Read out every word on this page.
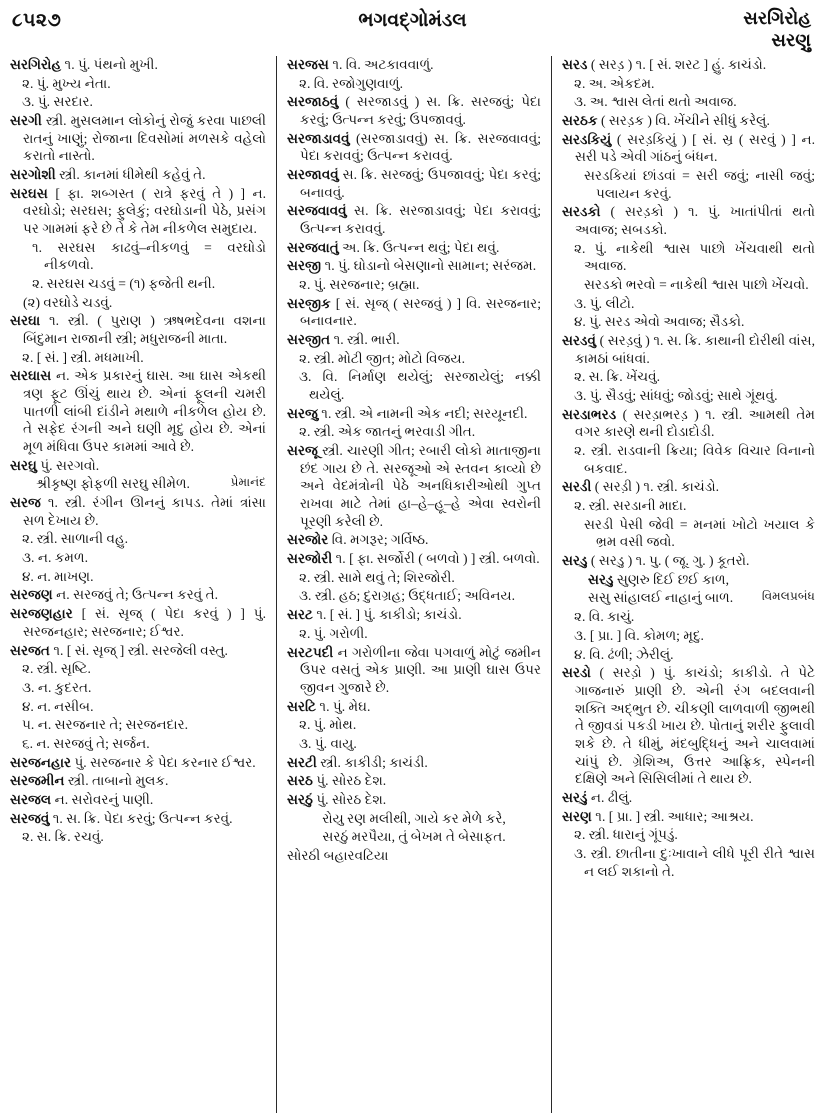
૮૫૨૭	ભગવદ્ગોમંડલ	સરગિરોહ
સરણુ

સરગિરોહ ૧. પું. પંથનો મુખી.

૨. પું. મુખ્ય નેતા.

૩. પું. સરદાર.

સરગી સ્ત્રી. મુસલમાન લોકોનું રોજું કરવા પાછલી રાતનું ખાણું; રોજાના દિવસોમાં મળસકે વહેલો કરાતો નાસ્તો.

સરગોશી સ્ત્રી. કાનમાં ધીમેથી કહેવું તે.

સરઘસ [ ફા. શબ્ગસ્ત ( રાત્રે ફરવું તે ) ] ન. વરઘોડો; સરઘસ; ફુલેકું; વરઘોડાની પેઠે, પ્રસંગ પર ગામમાં ફરે છે તે કે તેમ નીકળેલ સમુદાય.

૧. સરઘસ કાઢવું–નીકળવું = વરઘોડો નીકળવો.

૨. સરઘસ ચડવું = (૧) ફજેતી થની.

(૨) વરઘોડે ચડવું.

સરઘા ૧. સ્ત્રી. ( પુરાણ ) ઋષભદેવના વશના બિંદુમાન રાજાની સ્ત્રી; મધુરાજની માતા.

૨. [ સં. ] સ્ત્રી. મધમાખી.

સરઘાસ ન. એક પ્રકારનું ઘાસ. આ ઘાસ એકથી ત્રણ ફૂટ ઊંચું થાય છે. એનાં ફૂલની ચમરી પાતળી લાંબી દાંડીને મથાળે નીકળેલ હોય છે. તે સફેદ રંગની અને ઘણી મૃદુ હોય છે. એનાં મૂળ મંધિવા ઉપર કામમાં આવે છે.

સરઘુ પું. સરગવો.

શ્રીકૃષ્ણ ફોફળી સરઘુ સીમેળ.	પ્રેમાનંદ

સરજ ૧. સ્ત્રી. રંગીન ઊનનું કાપડ. તેમાં ત્રાંસા સળ દેખાય છે.

૨. સ્ત્રી. સાળાની વહુ.

૩. ન. કમળ.

૪. ન. માખણ.

સરજણ ન. સરજવું તે; ઉત્પન્ન કરવું તે.

સરજણહાર [ સં. સૃજ્ ( પેદા કરવું ) ] પું. સરજનહાર; સરજનાર; ઈશ્વર.

સરજત ૧. [ સં. સૃજ્ ] સ્ત્રી. સરજેલી વસ્તુ.

૨. સ્ત્રી. સૃષ્ટિ.

૩. ન. કુદરત.

૪. ન. નસીબ.

૫. ન. સરજનાર તે; સરજનદાર.

૬. ન. સરજવું તે; સર્જન.

સરજનહાર પું. સરજનાર કે પેદા કરનાર ઈશ્વર.

સરજમીન સ્ત્રી. તાબાનો મુલક.

સરજલ ન. સરોવરનું પાણી.

સરજવું ૧. સ. ક્રિ. પેદા કરવું; ઉત્પન્ન કરવું.

૨. સ. ક્રિ. રચવું.

સરજસ ૧. વિ. અટકાવવાળું.

૨. વિ. રજોગુણવાળું.

સરજાઠવું ( સરજાડવું ) સ. ક્રિ. સરજવું; પેદા કરવું; ઉત્પન્ન કરવું; ઉપજાવવું.

સરજાડાવવું (સરજાડાવવું) સ. ક્રિ. સરજવાવવું; પેદા કરાવવું; ઉત્પન્ન કરાવવું.

સરજાવવું સ. ક્રિ. સરજવું; ઉપજાવવું; પેદા કરવું; બનાવવું.

સરજવાવવું સ. ક્રિ. સરજાડાવવું; પેદા કરાવવું; ઉત્પન્ન કરાવવું.

સરજવાતું અ. ક્રિ. ઉત્પન્ન થવું; પેદા થવું.

સરજી ૧. પું. ઘોડાનો બેસણાનો સામાન; સરંજમ.

૨. પું. સરજનાર; બ્રહ્મા.

સરજીક [ સં. સૃજ્ ( સરજવું ) ] વિ. સરજનાર; બનાવનાર.

સરજીત ૧. સ્ત્રી. ભારી.

૨. સ્ત્રી. મોટી જીત; મોટો વિજય.

૩. વિ. નિર્માણ થયેલું; સરજાયેલું; નક્કી થયેલું.

સરજુ ૧. સ્ત્રી. એ નામની એક નદી; સરયૂનદી.

૨. સ્ત્રી. એક જાતનું ભરવાડી ગીત.

સરજૂ સ્ત્રી. ચારણી ગીત; રબારી લોકો માતાજીના છંદ ગાય છે તે. સરજૂઓ એ સ્તવન કાવ્યો છે અને વેદમંત્રોની પેઠે અનધિકારીઓથી ગુપ્ત રાખવા માટે તેમાં હા–હે–હૂ–હે એવા સ્વરોની પૂરણી કરેલી છે.

સરજોર વિ. મગરૂર; ગર્વિષ્ઠ.

સરજોરી ૧. [ ફા. સર્જોરી ( બળવો ) ] સ્ત્રી. બળવો.

૨. સ્ત્રી. સામે થવું તે; શિરજોરી.

૩. સ્ત્રી. હઠ; દુરાગ્રહ; ઉદ્ધતાઈ; અવિનય.

સરટ ૧. [ સં. ] પું. કાકીડો; કાચંડો.

૨. પું. ગરોળી.

સરટપદી ન ગરોળીના જેવા પગવાળું મોટું જમીન ઉપર વસતું એક પ્રાણી. આ પ્રાણી ઘાસ ઉપર જીવન ગુજારે છે.

સરટિ ૧. પું. મેઘ.

૨. પું. મોથ.

૩. પું. વાયુ.

સરટી સ્ત્રી. કાકીડી; કાચંડી.

સરઠ પું. સોરઠ દેશ.

સરઠું પું. સોરઠ દેશ.

રોયુ રણ મલીથી, ગાયે કર મેળે કરે,

સરઠું મરપૈયા, તું બેખમ તે બેસાફત.

સોરઠી બહારવટિયા

સરડ ( સરડ઼ ) ૧. [ સં. શરટ ] હું. કાચંડો.

૨. અ. એકદમ.

૩. અ. શ્વાસ લેતાં થતો અવાજ.

સરઠક ( સરડ઼ક ) વિ. ખેંચીને સીધું કરેલું.

સરડકિયું ( સરડ઼કિયું ) [ સં. સ્ર ( સરવું ) ] ન. સરી પડે એવી ગાંઠનું બંધન.

સરડકિયાં છાંડવાં = સરી જવું; નાસી જવું; પલાયન કરવું.

સરડકો ( સરડ઼કો ) ૧. પું. ખાતાંપીતાં થતો અવાજ; સબડકો.

૨. પું. નાકેથી શ્વાસ પાછો ખેંચવાથી થતો અવાજ.

સરડકો ભરવો = નાકેથી શ્વાસ પાછો ખેંચવો.

૩. પું. લીટો.

૪. પું. સરડ એવો અવાજ; સૈડકો.

સરડવું ( સરડ઼વું ) ૧. સ. ક્રિ. કાથાની દોરીથી વાંસ, કામઠાં બાંધવાં.

૨. સ. ક્રિ. ખેંચવું.

૩. પું. સૈડવું; સાંધવું; જોડવું; સાથે ગૂંથવું.

સરડાભરડ ( સરડ઼ાભરડ઼ ) ૧. સ્ત્રી. આમથી તેમ વગર કારણે થની દોડાદોડી.

૨. સ્ત્રી. રાડવાની ક્રિયા; વિવેક વિચાર વિનાનો બકવાદ.

સરડી ( સરડ઼ી ) ૧. સ્ત્રી. કાચંડો.

૨. સ્ત્રી. સરડાની માદા.

સરડી પેસી જેવી = મનમાં ખોટો ખયાલ કે ભ્રમ વસી જવો.

સરડુ ( સરડ઼ુ ) ૧. પુ. ( જૂ. ગુ. ) કૂતરો.

સરડુ સુણરુ દિઈ છઈ કાળ,

સસુ સાંહાલઈ નાહાનું બાળ. વિમલપ્રબંધ

૨. વિ. કાચું.

૩. [ પ્રા. ] વિ. કોમળ; મૃદુ.

૪. વિ. ઢંળી; ઝેરીલું.

સરડો ( સરડ઼ો ) પું. કાચંડો; કાકીડો. તે પેટે ગાજનારું પ્રાણી છે. એની રંગ બદલવાની શક્તિ અદ્ભુત છે. ચીકણી લાળવાળી જીભથી તે જીવડાં પકડી ખાય છે. પોતાનું શરીર ફુલાવી શકે છે. તે ધીમું, મંદબુદ્ધિનું અને ચાલવામાં ચાંપું છે. ગ્રેશિઅ, ઉત્તર આફ્રિક, સ્પેનની દક્ષિણે અને સિસિલીમાં તે થાય છે.

સરડું ન. ઢીલું.

સરણ ૧. [ પ્રા. ] સ્ત્રી. આધાર; આશ્રય.

૨. સ્ત્રી. ધારાનું ગૂંપડું.

૩. સ્ત્રી. છાતીના દુઃખાવાને લીધે પૂરી રીતે શ્વાસ ન લઈ શકાનો તે.
